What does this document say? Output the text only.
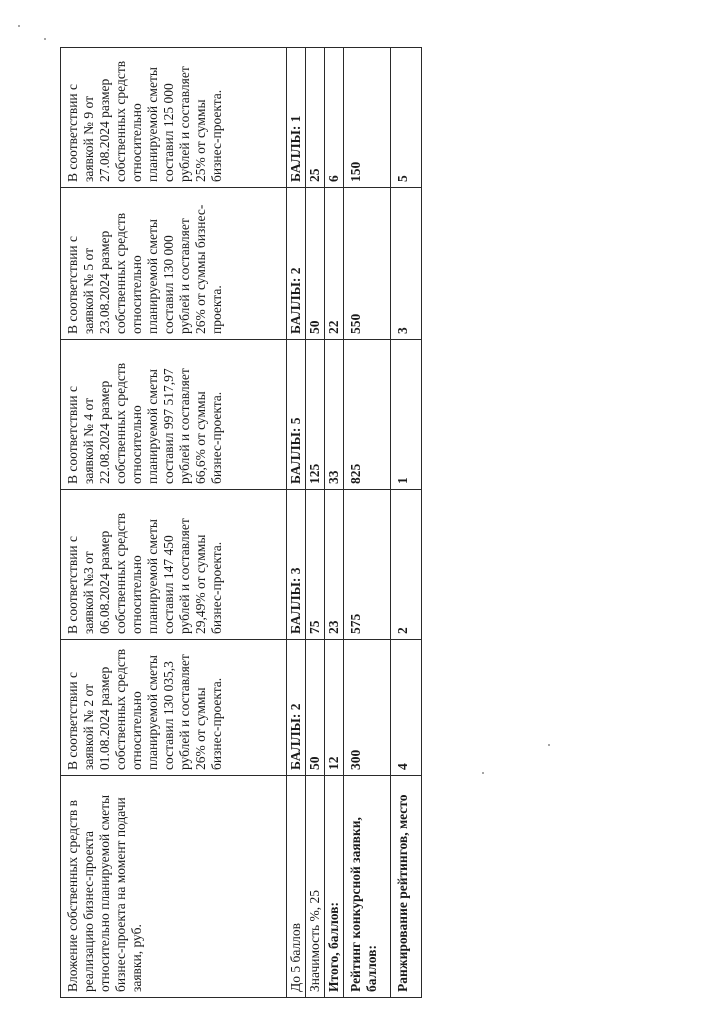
Вложение собственных средств в реализацию бизнес-проекта относительно планируемой сметы бизнес-проекта на момент подачи заявки, руб.	В соответствии с заявкой № 2 от 01.08.2024 размер собственных средств относительно планируемой сметы составил 130 035,3 рублей и составляет 26% от суммы бизнес-проекта.	В соответствии с заявкой №3 от 06.08.2024 размер собственных средств относительно планируемой сметы составил 147 450 рублей и составляет 29,49% от суммы бизнес-проекта.	В соответствии с заявкой № 4 от 22.08.2024 размер собственных средств относительно планируемой сметы составил 997 517,97 рублей и составляет 66,6% от суммы бизнес-проекта.	В соответствии с заявкой № 5 от 23.08.2024 размер собственных средств относительно планируемой сметы составил 130 000 рублей и составляет 26% от суммы бизнес-проекта.	В соответствии с заявкой № 9 от 27.08.2024 размер собственных средств относительно планируемой сметы составил 125 000 рублей и составляет 25% от суммы бизнес-проекта.
До 5 баллов	БАЛЛЫ: 2	БАЛЛЫ: 3	БАЛЛЫ: 5	БАЛЛЫ: 2	БАЛЛЫ: 1
Значимость %, 25	50	75	125	50	25
Итого, баллов:	12	23	33	22	6
Рейтинг конкурсной заявки, баллов:	300	575	825	550	150
Ранжирование рейтингов, место	4	2	1	3	5
